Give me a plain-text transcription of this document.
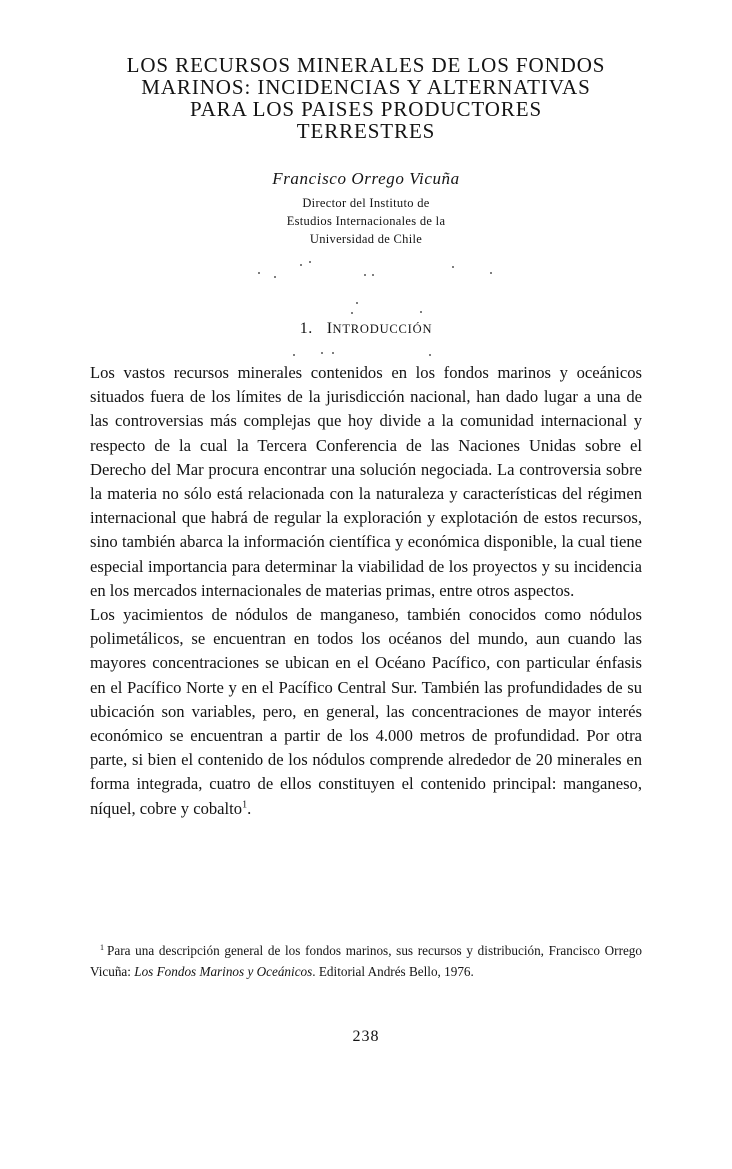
LOS RECURSOS MINERALES DE LOS FONDOS
MARINOS: INCIDENCIAS Y ALTERNATIVAS
PARA LOS PAISES PRODUCTORES
TERRESTRES
Francisco Orrego Vicuña
Director del Instituto de
Estudios Internacionales de la
Universidad de Chile
1. INTRODUCCIÓN

Los vastos recursos minerales contenidos en los fondos marinos y oceánicos situados fuera de los límites de la jurisdicción nacional, han dado lugar a una de las controversias más complejas que hoy divide a la comunidad internacional y respecto de la cual la Tercera Conferencia de las Naciones Unidas sobre el Derecho del Mar procura encontrar una solución negociada. La controversia sobre la materia no sólo está relacionada con la naturaleza y características del régimen internacional que habrá de regular la exploración y explotación de estos recursos, sino también abarca la información científica y económica disponible, la cual tiene especial importancia para determinar la viabilidad de los proyectos y su incidencia en los mercados internacionales de materias primas, entre otros aspectos.

Los yacimientos de nódulos de manganeso, también conocidos como nódulos polimetálicos, se encuentran en todos los océanos del mundo, aun cuando las mayores concentraciones se ubican en el Océano Pacífico, con particular énfasis en el Pacífico Norte y en el Pacífico Central Sur. También las profundidades de su ubicación son variables, pero, en general, las concentraciones de mayor interés económico se encuentran a partir de los 4.000 metros de profundidad. Por otra parte, si bien el contenido de los nódulos comprende alrededor de 20 minerales en forma integrada, cuatro de ellos constituyen el contenido principal: manganeso, níquel, cobre y cobalto$^1$.

$^1$ Para una descripción general de los fondos marinos, sus recursos y distribución, Francisco Orrego Vicuña: Los Fondos Marinos y Oceánicos. Editorial Andrés Bello, 1976.

238
